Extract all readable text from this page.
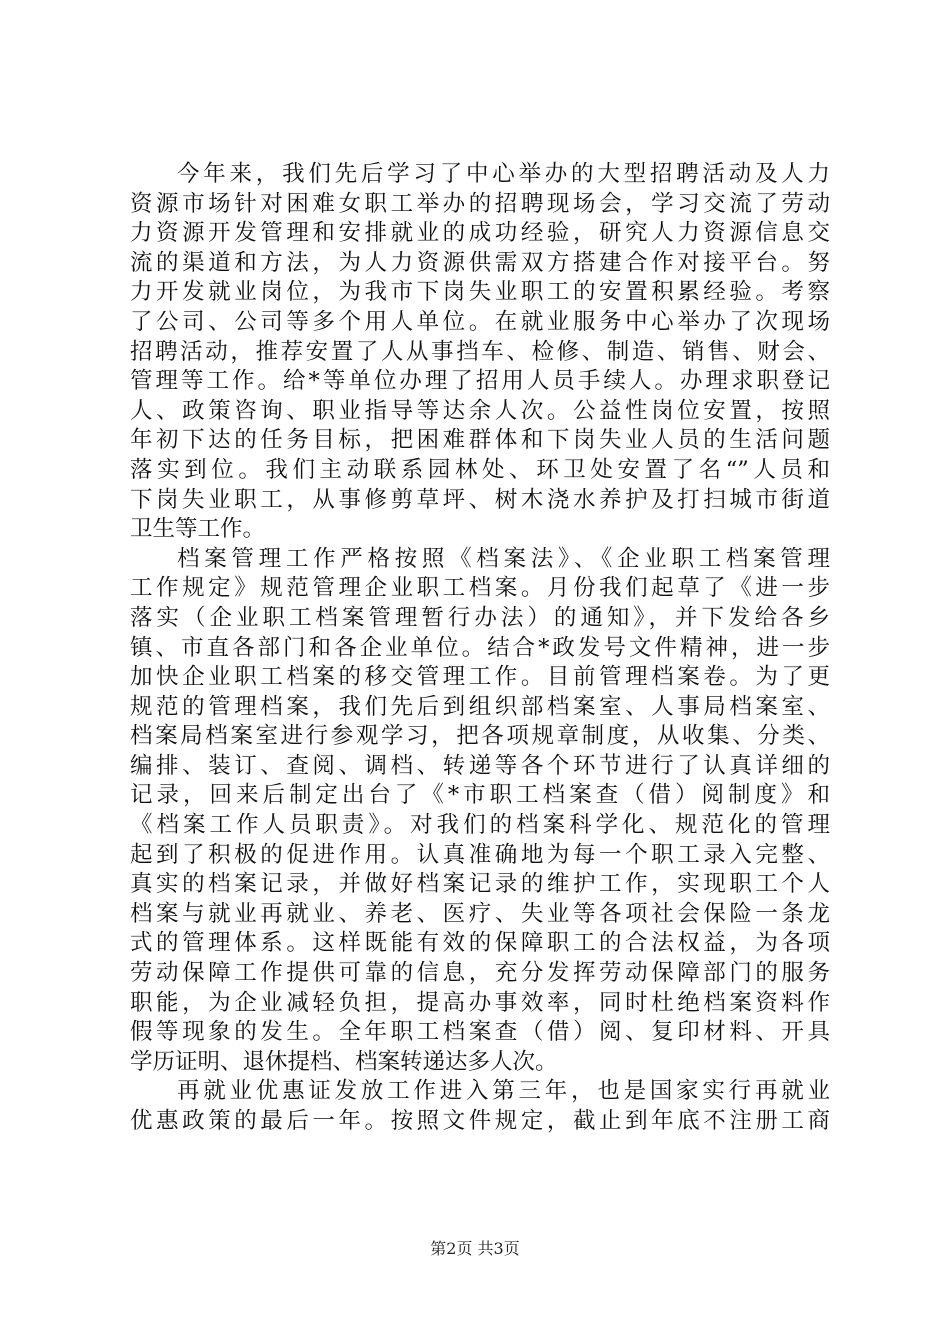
今年来，我们先后学习了中心举办的大型招聘活动及人力
资源市场针对困难女职工举办的招聘现场会，学习交流了劳动
力资源开发管理和安排就业的成功经验，研究人力资源信息交
流的渠道和方法，为人力资源供需双方搭建合作对接平台。努
力开发就业岗位，为我市下岗失业职工的安置积累经验。考察
了公司、公司等多个用人单位。在就业服务中心举办了次现场
招聘活动，推荐安置了人从事挡车、检修、制造、销售、财会、
管理等工作。给*等单位办理了招用人员手续人。办理求职登记
人、政策咨询、职业指导等达余人次。公益性岗位安置，按照
年初下达的任务目标，把困难群体和下岗失业人员的生活问题
落实到位。我们主动联系园林处、环卫处安置了名“”人员和
下岗失业职工，从事修剪草坪、树木浇水养护及打扫城市街道
卫生等工作。
档案管理工作严格按照《档案法》、《企业职工档案管理
工作规定》规范管理企业职工档案。月份我们起草了《进一步
落实（企业职工档案管理暂行办法）的通知》，并下发给各乡
镇、市直各部门和各企业单位。结合*政发号文件精神，进一步
加快企业职工档案的移交管理工作。目前管理档案卷。为了更
规范的管理档案，我们先后到组织部档案室、人事局档案室、
档案局档案室进行参观学习，把各项规章制度，从收集、分类、
编排、装订、查阅、调档、转递等各个环节进行了认真详细的
记录，回来后制定出台了《*市职工档案查（借）阅制度》和
《档案工作人员职责》。对我们的档案科学化、规范化的管理
起到了积极的促进作用。认真准确地为每一个职工录入完整、
真实的档案记录，并做好档案记录的维护工作，实现职工个人
档案与就业再就业、养老、医疗、失业等各项社会保险一条龙
式的管理体系。这样既能有效的保障职工的合法权益，为各项
劳动保障工作提供可靠的信息，充分发挥劳动保障部门的服务
职能，为企业减轻负担，提高办事效率，同时杜绝档案资料作
假等现象的发生。全年职工档案查（借）阅、复印材料、开具
学历证明、退休提档、档案转递达多人次。
再就业优惠证发放工作进入第三年，也是国家实行再就业
优惠政策的最后一年。按照文件规定，截止到年底不注册工商
第2页 共3页
